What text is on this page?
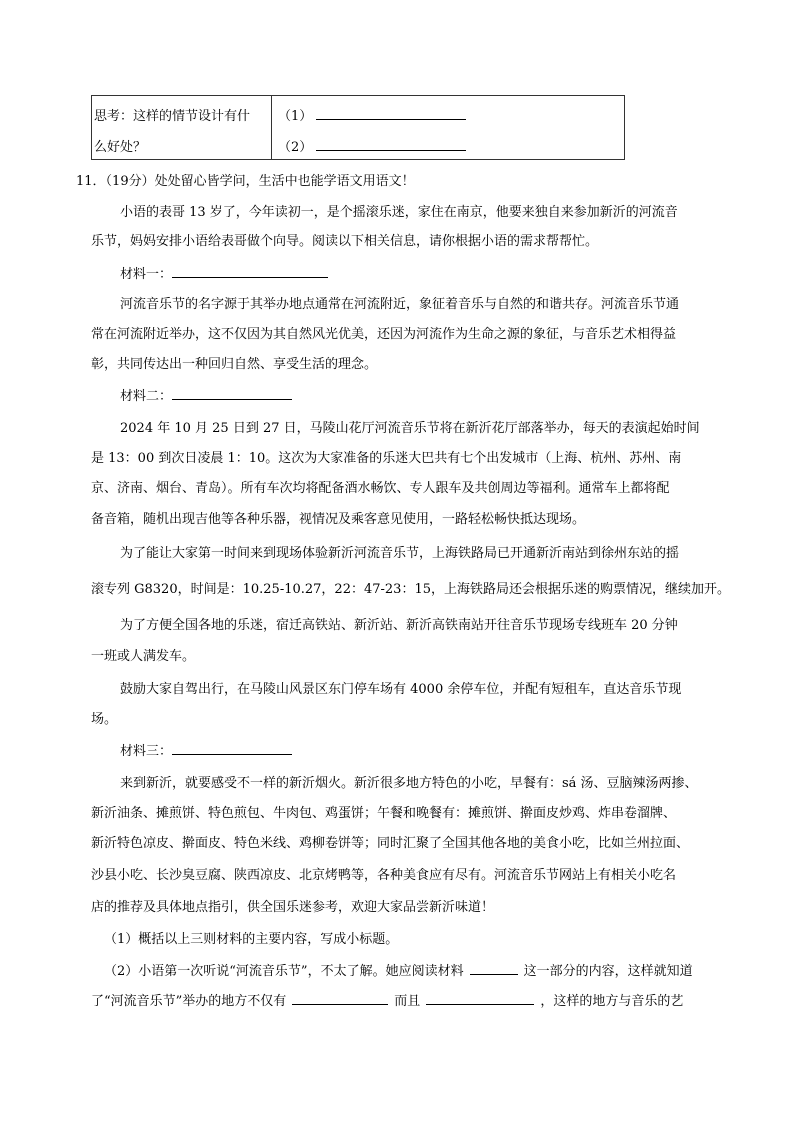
思考：这样的情节设计有什
么好处？
（1）
（2）
11．（19分）处处留心皆学问，生活中也能学语文用语文！
小语的表哥 13 岁了，今年读初一，是个摇滚乐迷，家住在南京，他要来独自来参加新沂的河流音
乐节，妈妈安排小语给表哥做个向导。阅读以下相关信息，请你根据小语的需求帮帮忙。
材料一：
河流音乐节的名字源于其举办地点通常在河流附近，象征着音乐与自然的和谐共存。河流音乐节通
常在河流附近举办，这不仅因为其自然风光优美，还因为河流作为生命之源的象征，与音乐艺术相得益
彰，共同传达出一种回归自然、享受生活的理念。
材料二：
2024 年 10 月 25 日到 27 日，马陵山花厅河流音乐节将在新沂花厅部落举办，每天的表演起始时间
是 13：00 到次日凌晨 1：10。这次为大家准备的乐迷大巴共有七个出发城市（上海、杭州、苏州、南
京、济南、烟台、青岛）。所有车次均将配备酒水畅饮、专人跟车及共创周边等福利。通常车上都将配
备音箱，随机出现吉他等各种乐器，视情况及乘客意见使用，一路轻松畅快抵达现场。
为了能让大家第一时间来到现场体验新沂河流音乐节，上海铁路局已开通新沂南站到徐州东站的摇
滚专列 G8320，时间是：10.25-10.27，22：47-23：15，上海铁路局还会根据乐迷的购票情况，继续加开。
为了方便全国各地的乐迷，宿迁高铁站、新沂站、新沂高铁南站开往音乐节现场专线班车 20 分钟
一班或人满发车。
鼓励大家自驾出行，在马陵山风景区东门停车场有 4000 余停车位，并配有短租车，直达音乐节现
场。
材料三：
来到新沂，就要感受不一样的新沂烟火。新沂很多地方特色的小吃，早餐有：sá 汤、豆脑辣汤两掺、
新沂油条、摊煎饼、特色煎包、牛肉包、鸡蛋饼；午餐和晚餐有：摊煎饼、擀面皮炒鸡、炸串卷溜牌、
新沂特色凉皮、擀面皮、特色米线、鸡柳卷饼等；同时汇聚了全国其他各地的美食小吃，比如兰州拉面、
沙县小吃、长沙臭豆腐、陕西凉皮、北京烤鸭等，各种美食应有尽有。河流音乐节网站上有相关小吃名
店的推荐及具体地点指引，供全国乐迷参考，欢迎大家品尝新沂味道！
（1）概括以上三则材料的主要内容，写成小标题。
（2）小语第一次听说“河流音乐节”，不太了解。她应阅读材料	这一部分的内容，这样就知道
了“河流音乐节”举办的地方不仅有	而且	，这样的地方与音乐的艺
